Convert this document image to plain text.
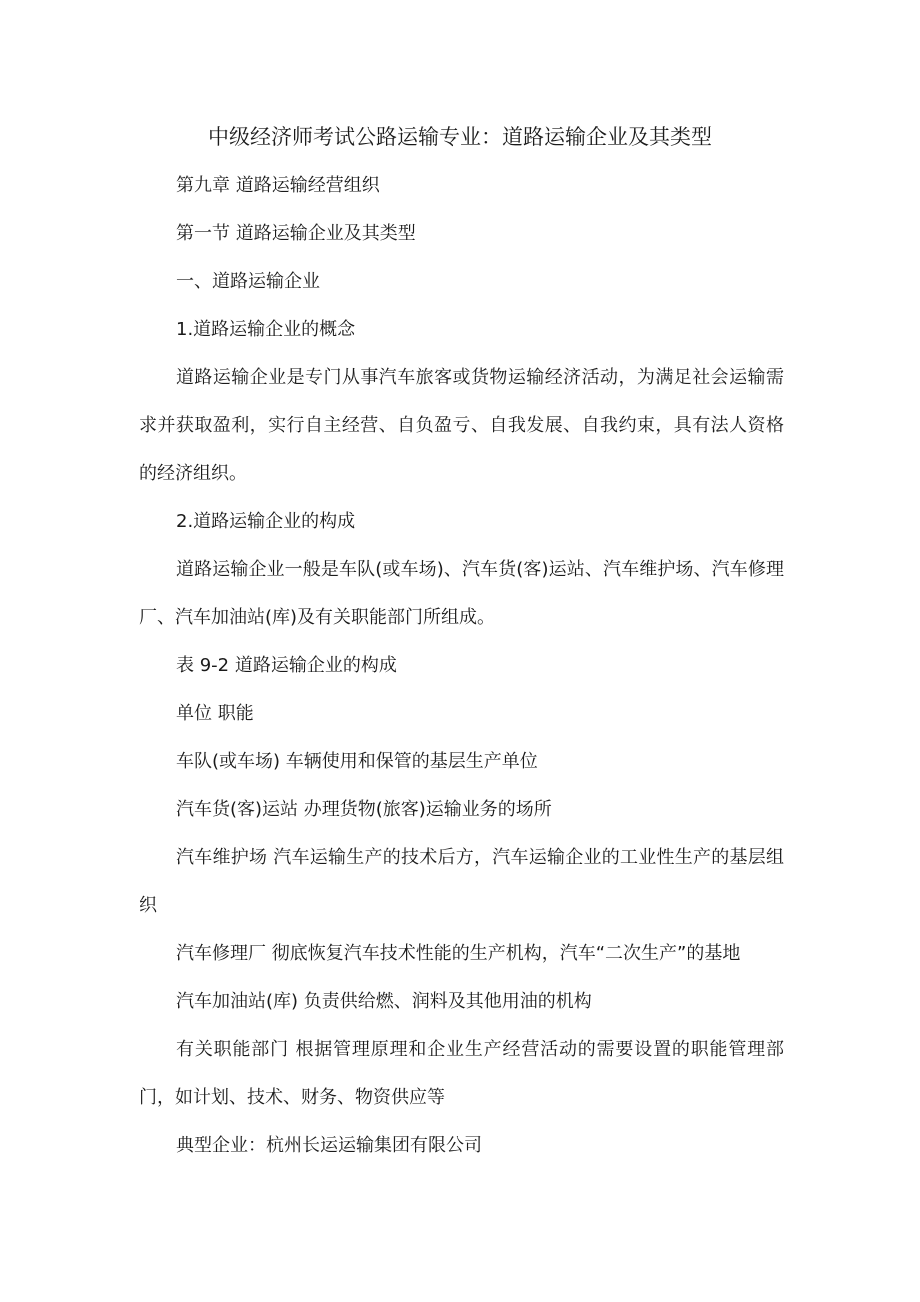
中级经济师考试公路运输专业：道路运输企业及其类型

第九章 道路运输经营组织

第一节 道路运输企业及其类型

一、道路运输企业

1.道路运输企业的概念

道路运输企业是专门从事汽车旅客或货物运输经济活动，为满足社会运输需求并获取盈利，实行自主经营、自负盈亏、自我发展、自我约束，具有法人资格的经济组织。

2.道路运输企业的构成

道路运输企业一般是车队(或车场)、汽车货(客)运站、汽车维护场、汽车修理厂、汽车加油站(库)及有关职能部门所组成。

表 9-2 道路运输企业的构成

单位 职能

车队(或车场) 车辆使用和保管的基层生产单位

汽车货(客)运站 办理货物(旅客)运输业务的场所

汽车维护场 汽车运输生产的技术后方，汽车运输企业的工业性生产的基层组织

汽车修理厂 彻底恢复汽车技术性能的生产机构，汽车“二次生产”的基地

汽车加油站(库) 负责供给燃、润料及其他用油的机构

有关职能部门 根据管理原理和企业生产经营活动的需要设置的职能管理部门，如计划、技术、财务、物资供应等

典型企业：杭州长运运输集团有限公司
